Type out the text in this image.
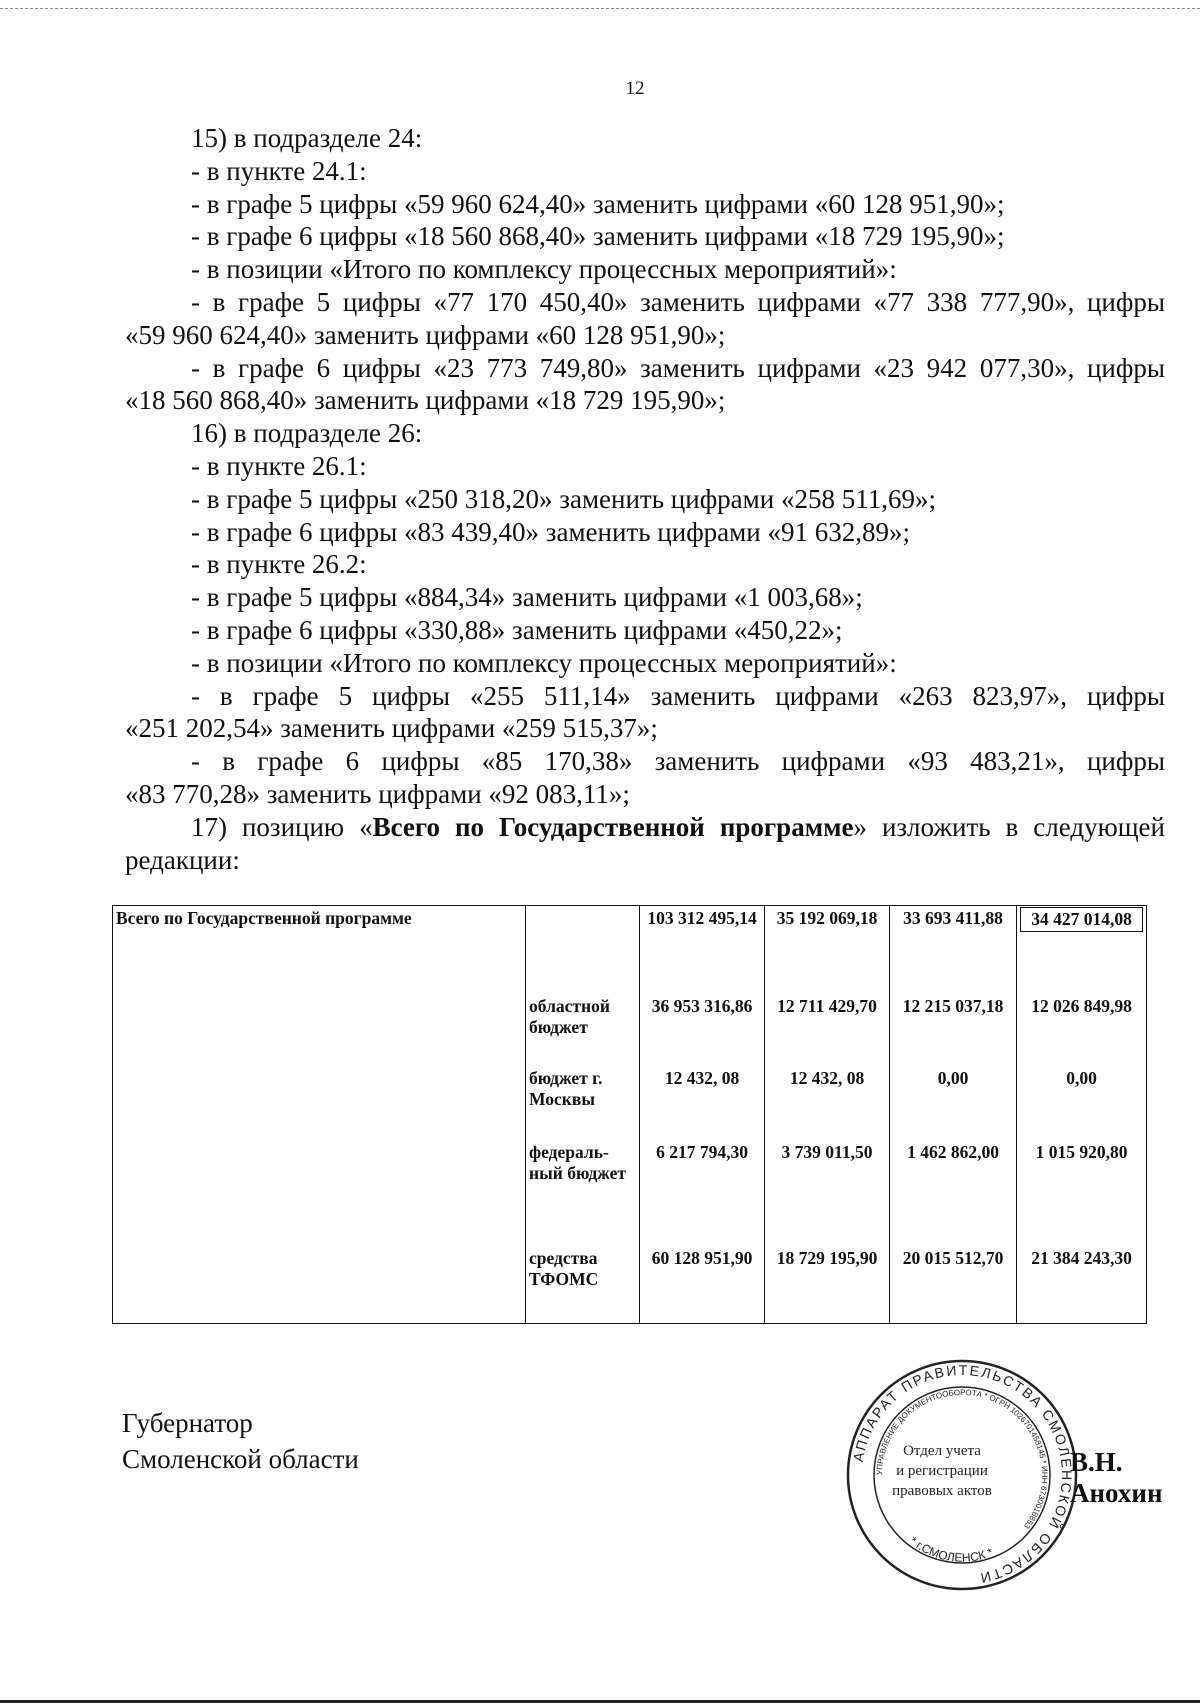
12
15) в подразделе 24:
- в пункте 24.1:
- в графе 5 цифры «59 960 624,40» заменить цифрами «60 128 951,90»;
- в графе 6 цифры «18 560 868,40» заменить цифрами «18 729 195,90»;
- в позиции «Итого по комплексу процессных мероприятий»:
- в графе 5 цифры «77 170 450,40» заменить цифрами «77 338 777,90», цифры
«59 960 624,40» заменить цифрами «60 128 951,90»;
- в графе 6 цифры «23 773 749,80» заменить цифрами «23 942 077,30», цифры
«18 560 868,40» заменить цифрами «18 729 195,90»;
16) в подразделе 26:
- в пункте 26.1:
- в графе 5 цифры «250 318,20» заменить цифрами «258 511,69»;
- в графе 6 цифры «83 439,40» заменить цифрами «91 632,89»;
- в пункте 26.2:
- в графе 5 цифры «884,34» заменить цифрами «1 003,68»;
- в графе 6 цифры «330,88» заменить цифрами «450,22»;
- в позиции «Итого по комплексу процессных мероприятий»:
- в графе 5 цифры «255 511,14» заменить цифрами «263 823,97», цифры
«251 202,54» заменить цифрами «259 515,37»;
- в графе 6 цифры «85 170,38» заменить цифрами «93 483,21», цифры
«83 770,28» заменить цифрами «92 083,11»;
17) позицию «Всего по Государственной программе» изложить в следующей
редакции:
Всего по Государственной программе		103 312 495,14	35 192 069,18	33 693 411,88	34 427 014,08

	областной бюджет	36 953 316,86	12 711 429,70	12 215 037,18	12 026 849,98
	бюджет г. Москвы	12 432, 08	12 432, 08	0,00	0,00
	федераль-ный бюджет	6 217 794,30	3 739 011,50	1 462 862,00	1 015 920,80
	средства ТФОМС	60 128 951,90	18 729 195,90	20 015 512,70	21 384 243,30
Губернатор
Смоленской области	АППАРАТ ПРАВИТЕЛЬСТВА СМОЛЕНСКОЙ ОБЛАСТИ
УПРАВЛЕНИЕ ДОКУМЕНТООБОРОТА * ОГРН 1026701458145 * ИНН 6730018853
* г.СМОЛЕНСК *
Отдел учета
и регистрации
правовых актов
В.Н. Анохин
